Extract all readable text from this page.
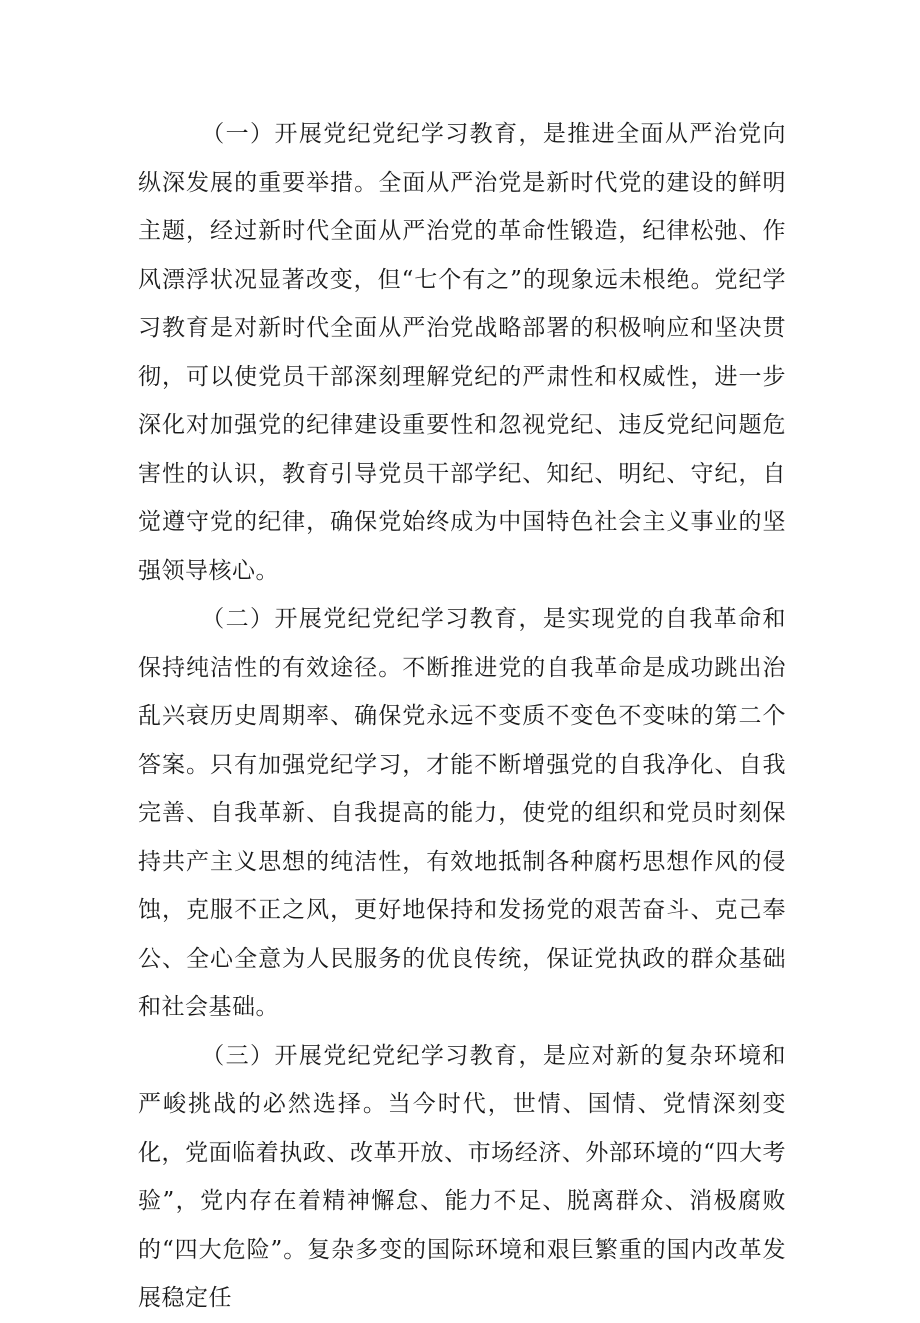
（一）开展党纪党纪学习教育，是推进全面从严治党向纵深发展的重要举措。全面从严治党是新时代党的建设的鲜明主题，经过新时代全面从严治党的革命性锻造，纪律松弛、作风漂浮状况显著改变，但“七个有之”的现象远未根绝。党纪学习教育是对新时代全面从严治党战略部署的积极响应和坚决贯彻，可以使党员干部深刻理解党纪的严肃性和权威性，进一步深化对加强党的纪律建设重要性和忽视党纪、违反党纪问题危害性的认识，教育引导党员干部学纪、知纪、明纪、守纪，自觉遵守党的纪律，确保党始终成为中国特色社会主义事业的坚强领导核心。

（二）开展党纪党纪学习教育，是实现党的自我革命和保持纯洁性的有效途径。不断推进党的自我革命是成功跳出治乱兴衰历史周期率、确保党永远不变质不变色不变味的第二个答案。只有加强党纪学习，才能不断增强党的自我净化、自我完善、自我革新、自我提高的能力，使党的组织和党员时刻保持共产主义思想的纯洁性，有效地抵制各种腐朽思想作风的侵蚀，克服不正之风，更好地保持和发扬党的艰苦奋斗、克己奉公、全心全意为人民服务的优良传统，保证党执政的群众基础和社会基础。

（三）开展党纪党纪学习教育，是应对新的复杂环境和严峻挑战的必然选择。当今时代，世情、国情、党情深刻变化，党面临着执政、改革开放、市场经济、外部环境的“四大考验”，党内存在着精神懈怠、能力不足、脱离群众、消极腐败的“四大危险”。复杂多变的国际环境和艰巨繁重的国内改革发展稳定任
